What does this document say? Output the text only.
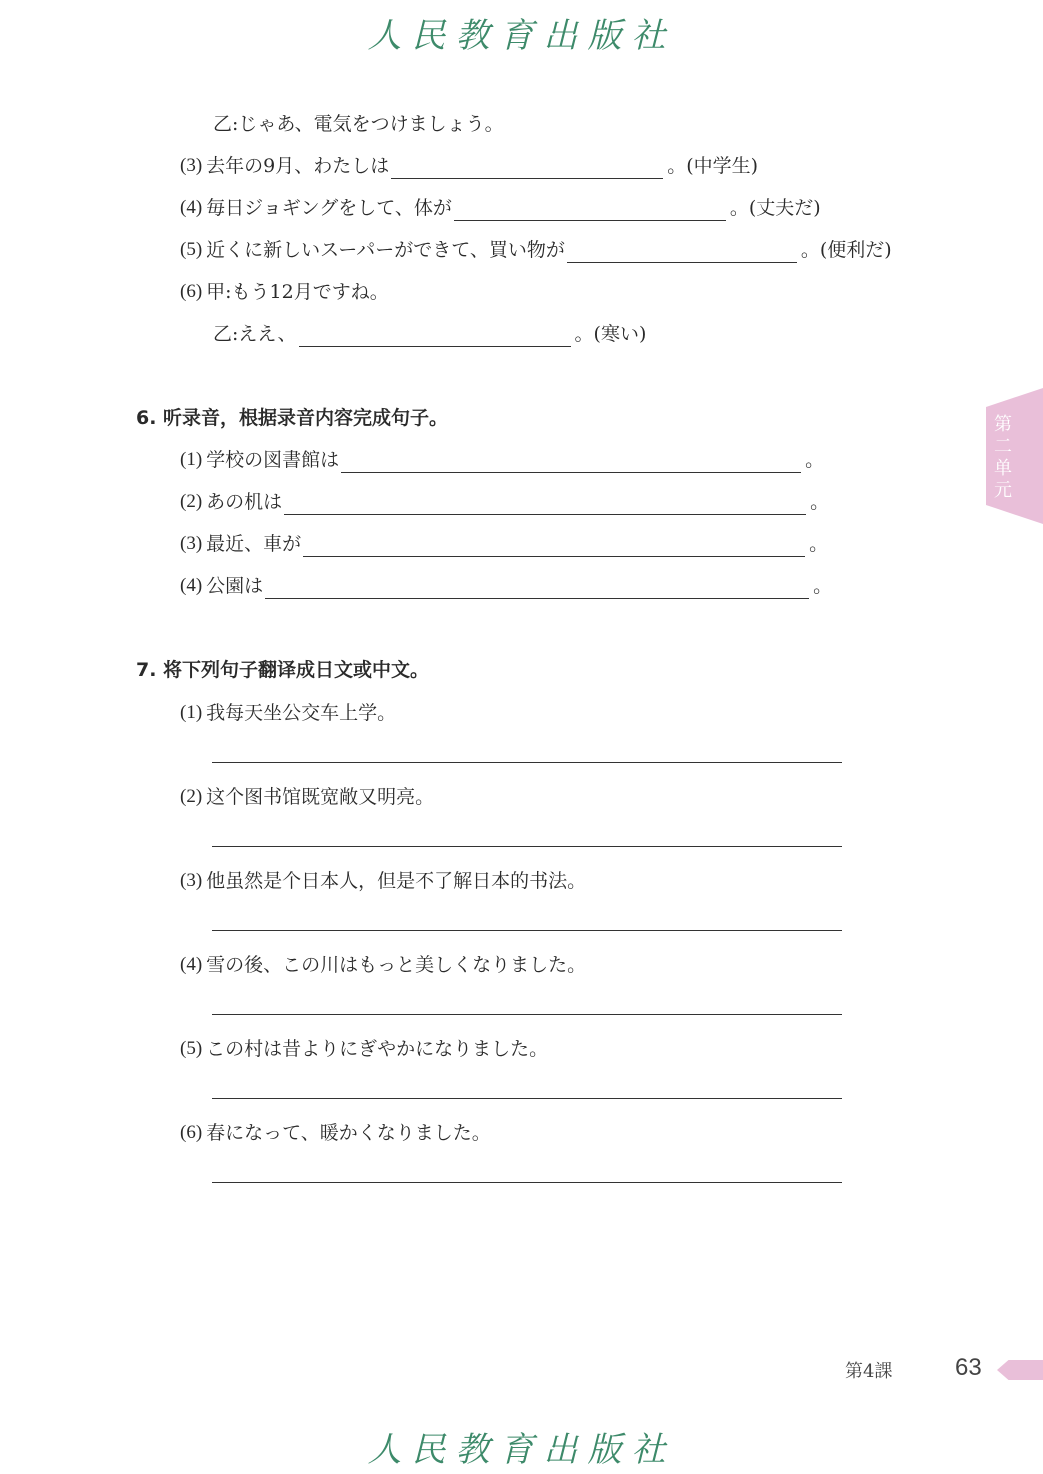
人民教育出版社
乙: じゃあ、電気をつけましょう。
(3) 去年の9月、わたしは	。(中学生)
(4) 毎日ジョギングをして、体が	。(丈夫だ)
(5) 近くに新しいスーパーができて、買い物が	。(便利だ)
(6) 甲:もう12月ですね。
乙: ええ、	。(寒い)
6. 听录音，根据录音内容完成句子。
(1) 学校の図書館は	。
(2) あの机は	。
(3) 最近、車が	。
(4) 公園は	。
7. 将下列句子翻译成日文或中文。
(1) 我每天坐公交车上学。
(2) 这个图书馆既宽敞又明亮。
(3) 他虽然是个日本人，但是不了解日本的书法。
(4) 雪の後、この川はもっと美しくなりました。
(5) この村は昔よりにぎやかになりました。
(6) 春になって、暖かくなりました。
第二单元
第4課	63
人民教育出版社
